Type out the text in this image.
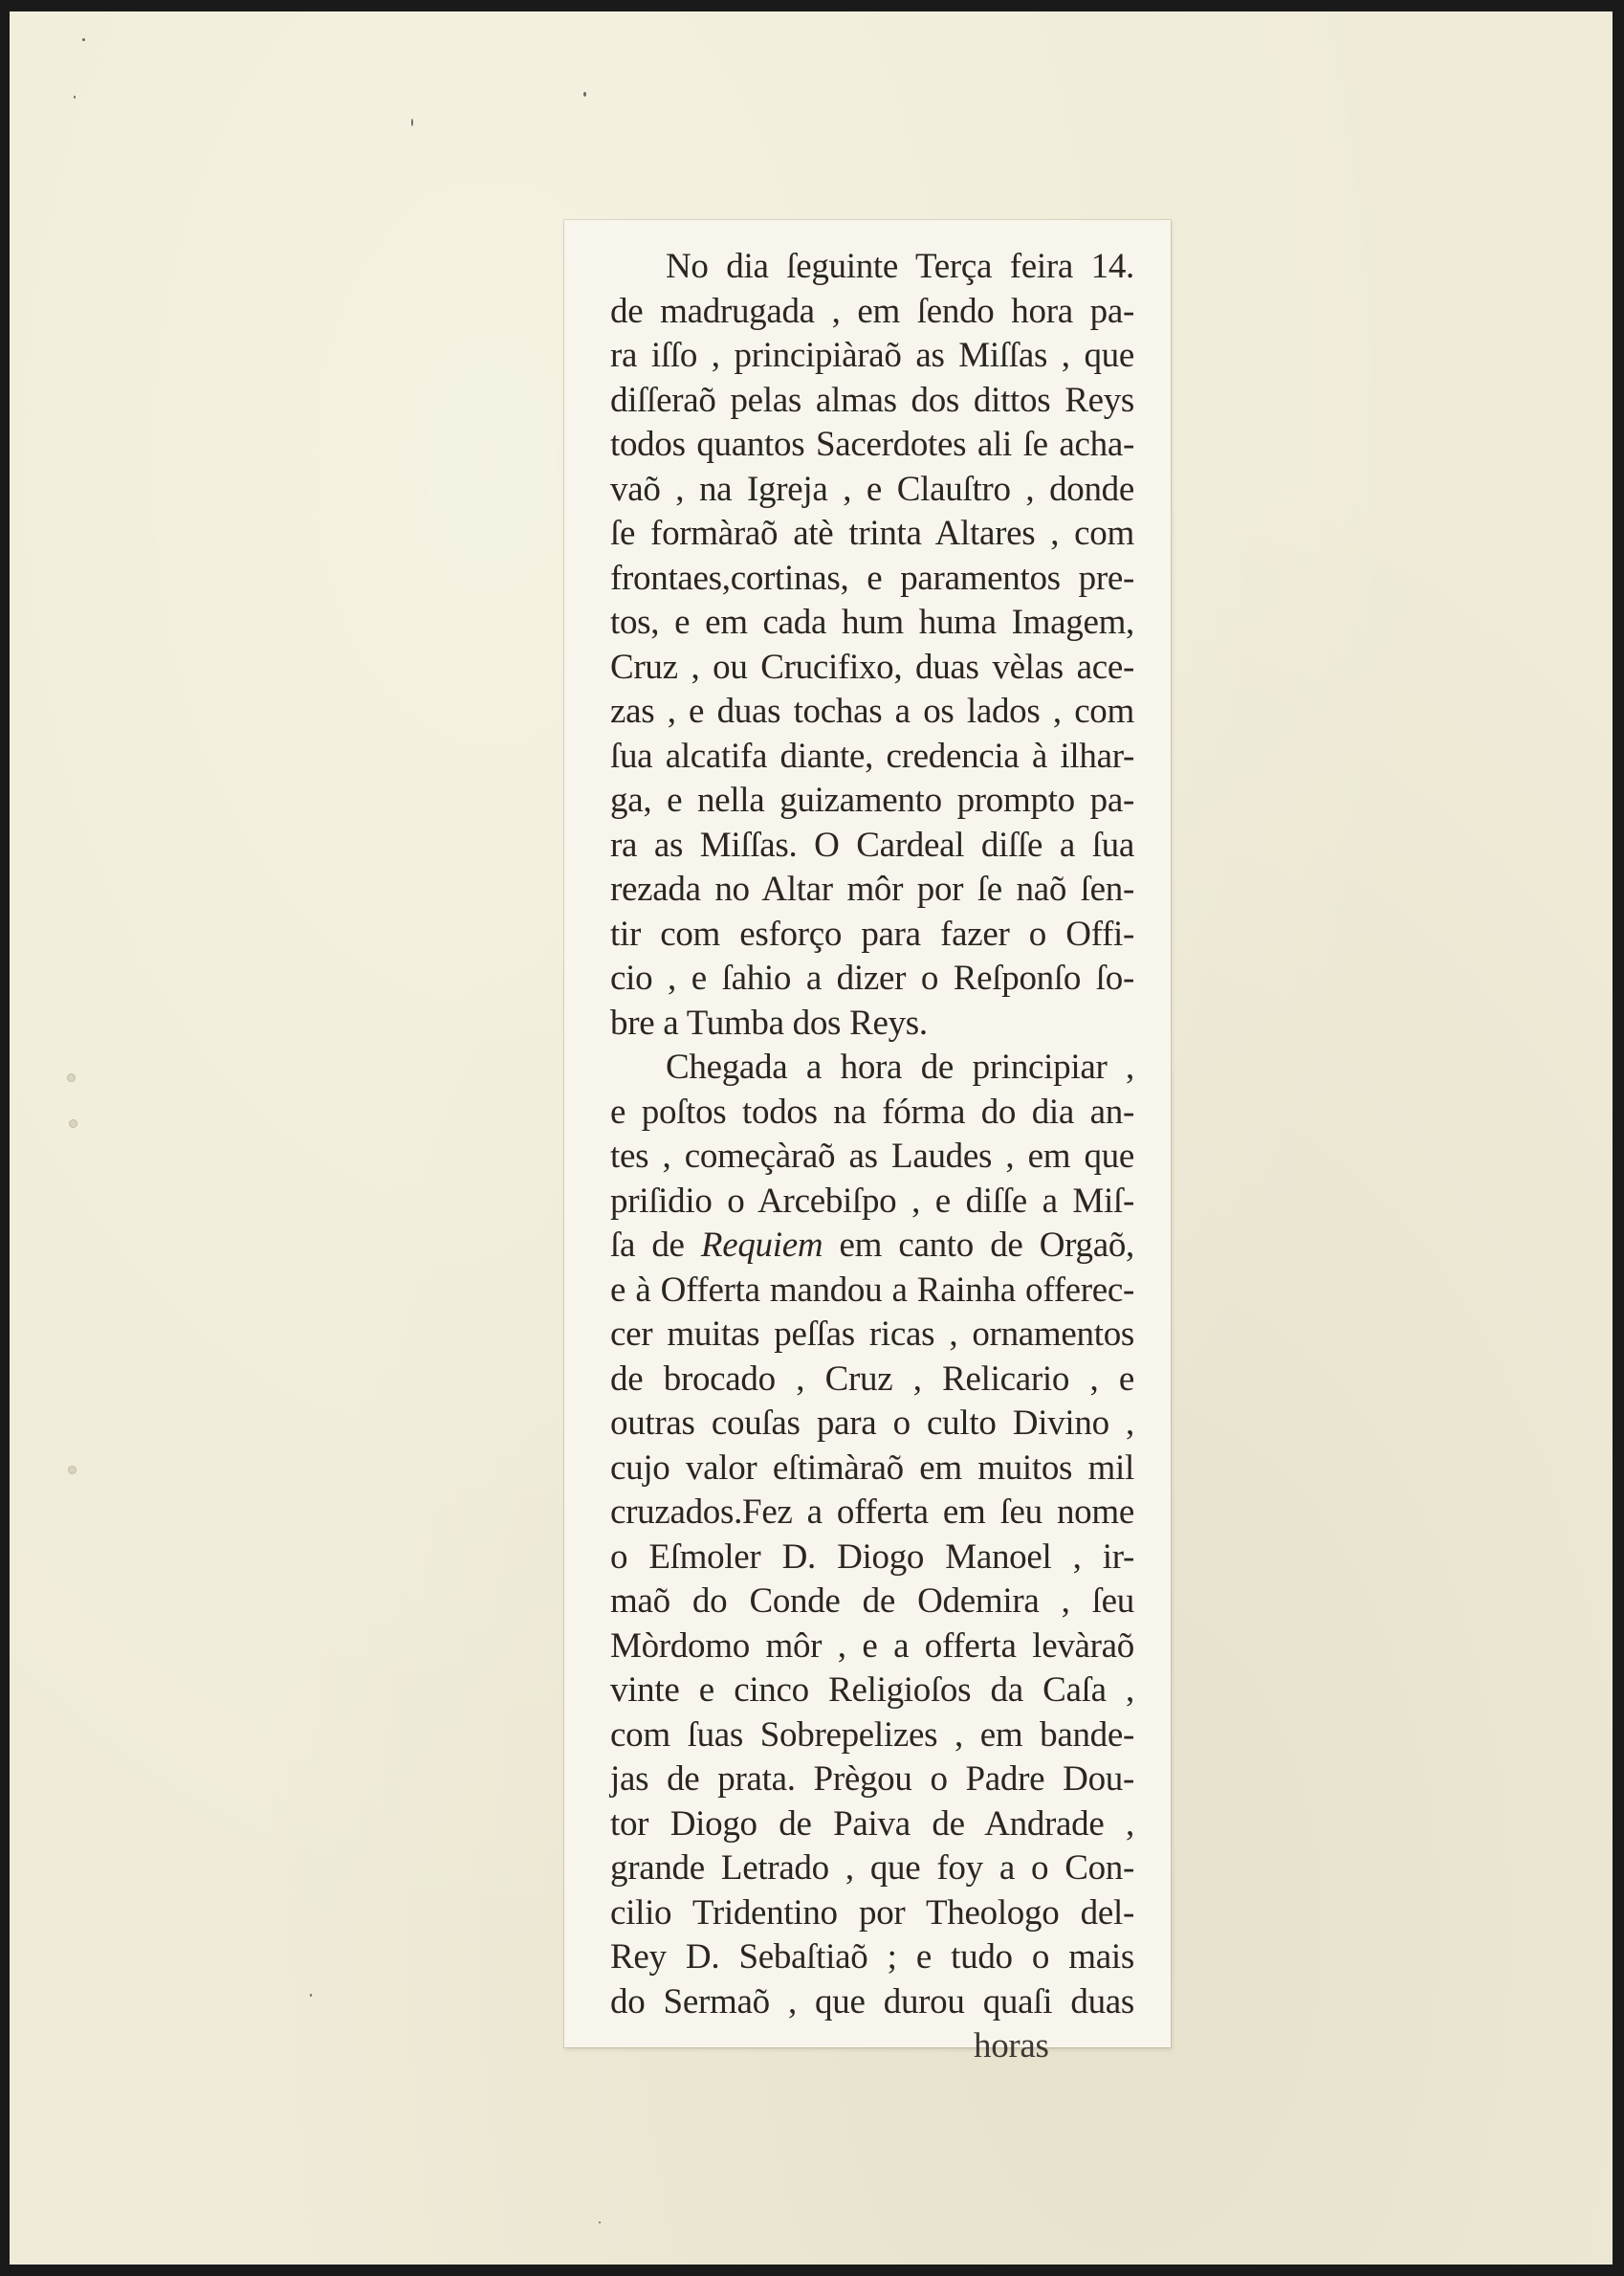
No dia ſeguinte Terça feira 14.
de madrugada , em ſendo hora pa-
ra iſſo , principiàraõ as Miſſas , que
diſſeraõ pelas almas dos dittos Reys
todos quantos Sacerdotes ali ſe acha-
vaõ , na Igreja , e Clauſtro , donde
ſe formàraõ atè trinta Altares , com
frontaes,cortinas, e paramentos pre-
tos, e em cada hum huma Imagem,
Cruz , ou Crucifixo, duas vèlas ace-
zas , e duas tochas a os lados , com
ſua alcatifa diante, credencia à ilhar-
ga, e nella guizamento prompto pa-
ra as Miſſas. O Cardeal diſſe a ſua
rezada no Altar môr por ſe naõ ſen-
tir com esforço para fazer o Offi-
cio , e ſahio a dizer o Reſponſo ſo-
bre a Tumba dos Reys.
Chegada a hora de principiar ,
e poſtos todos na fórma do dia an-
tes , começàraõ as Laudes , em que
priſidio o Arcebiſpo , e diſſe a Miſ-
ſa de Requiem em canto de Orgaõ,
e à Offerta mandou a Rainha offerec-
cer muitas peſſas ricas , ornamentos
de brocado , Cruz , Relicario , e
outras couſas para o culto Divino ,
cujo valor eſtimàraõ em muitos mil
cruzados.Fez a offerta em ſeu nome
o Eſmoler D. Diogo Manoel , ir-
maõ do Conde de Odemira , ſeu
Mòrdomo môr , e a offerta levàraõ
vinte e cinco Religioſos da Caſa ,
com ſuas Sobrepelizes , em bande-
jas de prata. Prègou o Padre Dou-
tor Diogo de Paiva de Andrade ,
grande Letrado , que foy a o Con-
cilio Tridentino por Theologo del-
Rey D. Sebaſtiaõ ; e tudo o mais
do Sermaõ , que durou quaſi duas
horas
